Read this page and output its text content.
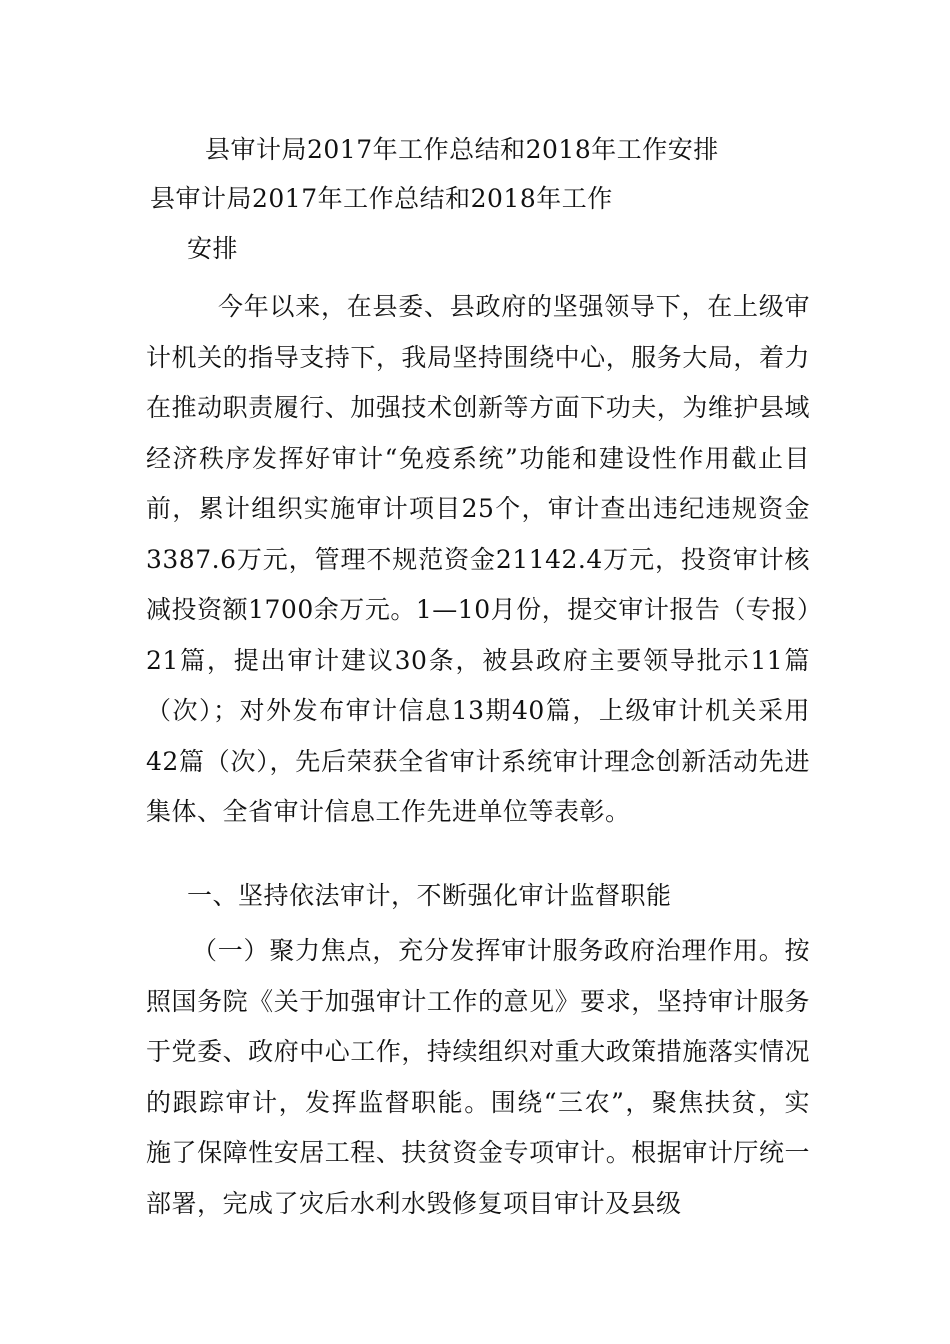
县审计局2017年工作总结和2018年工作安排
县审计局2017年工作总结和2018年工作
安排
今年以来，在县委、县政府的坚强领导下，在上级审计机关的指导支持下，我局坚持围绕中心，服务大局，着力在推动职责履行、加强技术创新等方面下功夫，为维护县域经济秩序发挥好审计“免疫系统”功能和建设性作用截止目前，累计组织实施审计项目25个，审计查出违纪违规资金3387.6万元，管理不规范资金21142.4万元，投资审计核减投资额1700余万元。1—10月份，提交审计报告（专报）21篇，提出审计建议30条，被县政府主要领导批示11篇（次）；对外发布审计信息13期40篇，上级审计机关采用42篇（次），先后荣获全省审计系统审计理念创新活动先进集体、全省审计信息工作先进单位等表彰。
一、坚持依法审计，不断强化审计监督职能
（一）聚力焦点，充分发挥审计服务政府治理作用。按照国务院《关于加强审计工作的意见》要求，坚持审计服务于党委、政府中心工作，持续组织对重大政策措施落实情况的跟踪审计，发挥监督职能。围绕“三农”，聚焦扶贫，实施了保障性安居工程、扶贫资金专项审计。根据审计厅统一部署，完成了灾后水利水毁修复项目审计及县级
